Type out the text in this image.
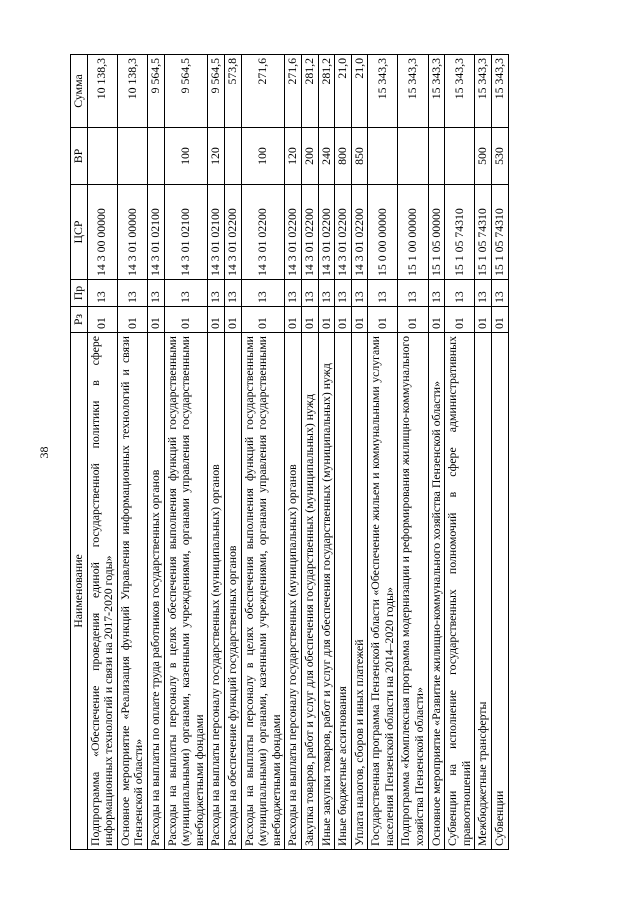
38
Наименование	Рз	Пр	ЦСР	ВР	Сумма
Подпрограмма «Обеспечение проведения единой государственной политики в сфере информационных технологий и связи на 2017-2020 годы»	01	13	14 3 00 00000		10 138,3
Основное мероприятие «Реализация функций Управления информационных технологий и связи Пензенской области»	01	13	14 3 01 00000		10 138,3
Расходы на выплаты по оплате труда работников государственных органов	01	13	14 3 01 02100		9 564,5
Расходы на выплаты персоналу в целях обеспечения выполнения функций государственными (муниципальными) органами, казенными учреждениями, органами управления государственными внебюджетными фондами	01	13	14 3 01 02100	100	9 564,5
Расходы на выплаты персоналу государственных (муниципальных) органов	01	13	14 3 01 02100	120	9 564,5
Расходы на обеспечение функций государственных органов	01	13	14 3 01 02200		573,8
Расходы на выплаты персоналу в целях обеспечения выполнения функций государственными (муниципальными) органами, казенными учреждениями, органами управления государственными внебюджетными фондами	01	13	14 3 01 02200	100	271,6
Расходы на выплаты персоналу государственных (муниципальных) органов	01	13	14 3 01 02200	120	271,6
Закупка товаров, работ и услуг для обеспечения государственных (муниципальных) нужд	01	13	14 3 01 02200	200	281,2
Иные закупки товаров, работ и услуг для обеспечения государственных (муниципальных) нужд	01	13	14 3 01 02200	240	281,2
Иные бюджетные ассигнования	01	13	14 3 01 02200	800	21,0
Уплата налогов, сборов и иных платежей	01	13	14 3 01 02200	850	21,0
Государственная программа Пензенской области «Обеспечение жильем и коммунальными услугами населения Пензенской области на 2014–2020 годы»	01	13	15 0 00 00000		15 343,3
Подпрограмма «Комплексная программа модернизации и реформирования жилищно-коммунального хозяйства Пензенской области»	01	13	15 1 00 00000		15 343,3
Основное мероприятие «Развитие жилищно-коммунального хозяйства Пензенской области»	01	13	15 1 05 00000		15 343,3
Субвенции на исполнение государственных полномочий в сфере административных правоотношений	01	13	15 1 05 74310		15 343,3
Межбюджетные трансферты	01	13	15 1 05 74310	500	15 343,3
Субвенции	01	13	15 1 05 74310	530	15 343,3
